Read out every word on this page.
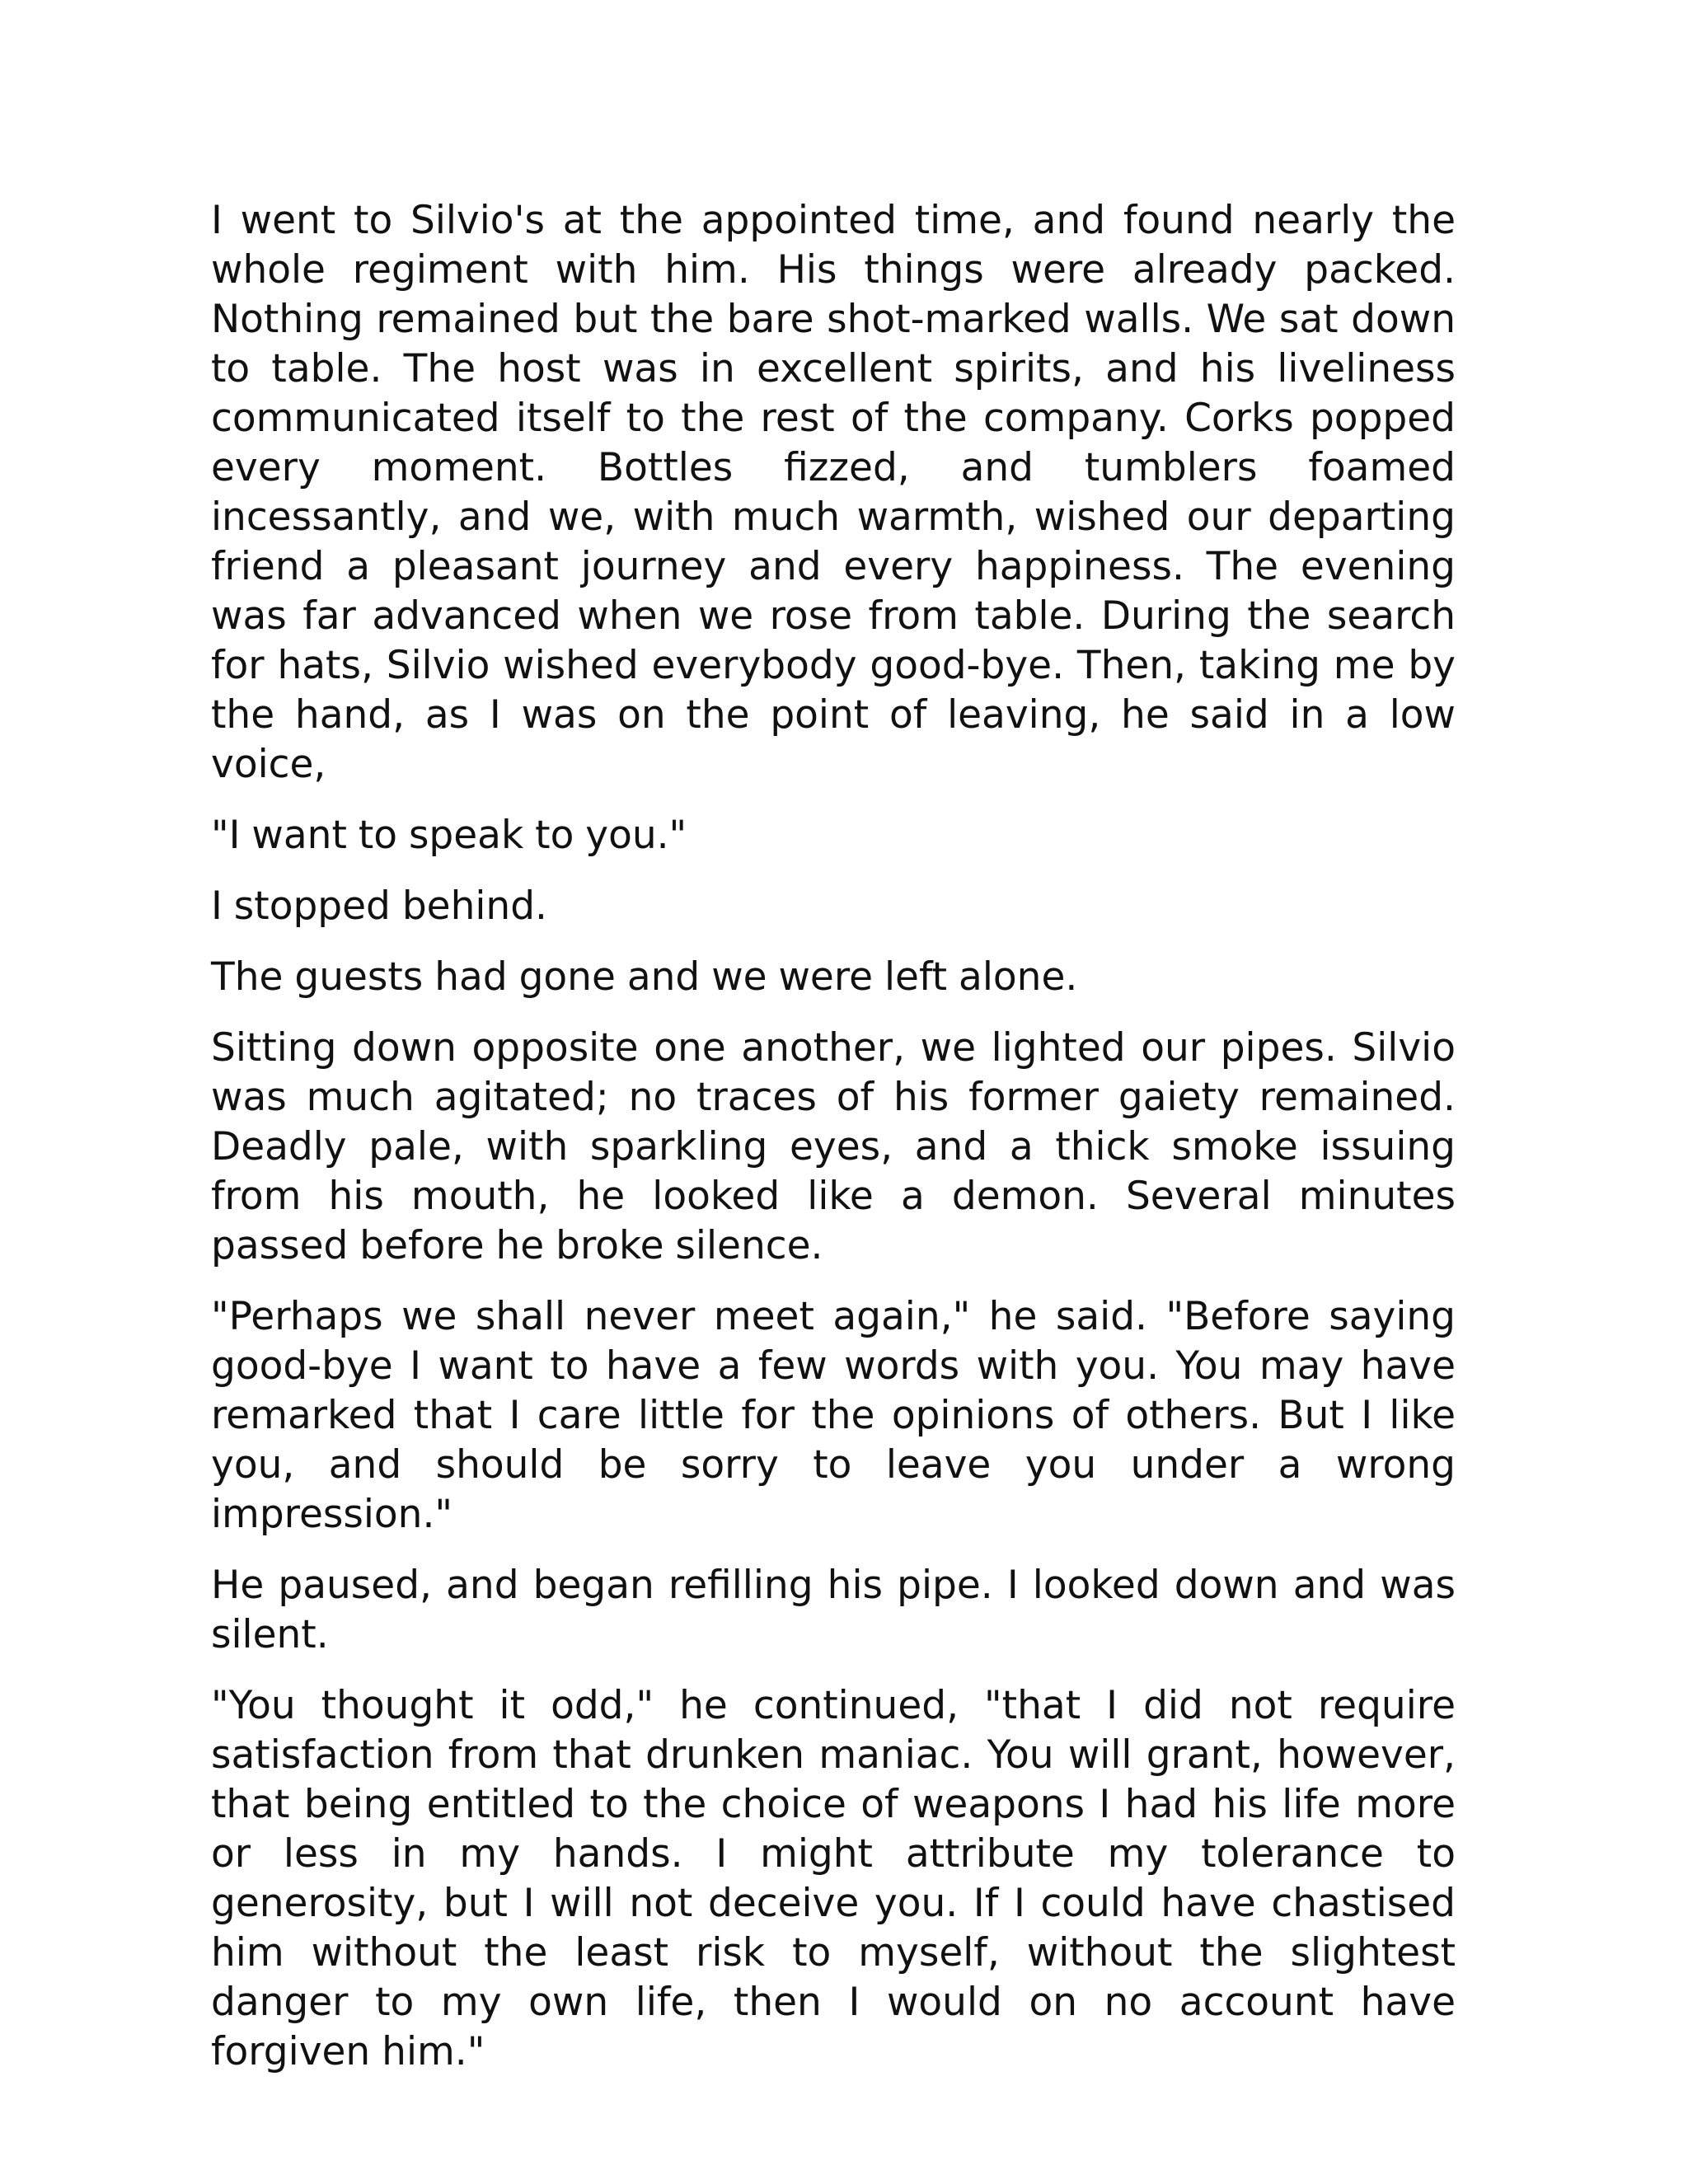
I went to Silvio's at the appointed time, and found nearly the whole regiment with him. His things were already packed. Nothing remained but the bare shot-marked walls. We sat down to table. The host was in excellent spirits, and his liveliness communicated itself to the rest of the company. Corks popped every moment. Bottles fizzed, and tumblers foamed incessantly, and we, with much warmth, wished our departing friend a pleasant journey and every happiness. The evening was far advanced when we rose from table. During the search for hats, Silvio wished everybody good-bye. Then, taking me by the hand, as I was on the point of leaving, he said in a low voice,

"I want to speak to you."

I stopped behind.

The guests had gone and we were left alone.

Sitting down opposite one another, we lighted our pipes. Silvio was much agitated; no traces of his former gaiety remained. Deadly pale, with sparkling eyes, and a thick smoke issuing from his mouth, he looked like a demon. Several minutes passed before he broke silence.

"Perhaps we shall never meet again," he said. "Before saying good-bye I want to have a few words with you. You may have remarked that I care little for the opinions of others. But I like you, and should be sorry to leave you under a wrong impression."

He paused, and began refilling his pipe. I looked down and was silent.

"You thought it odd," he continued, "that I did not require satisfaction from that drunken maniac. You will grant, however, that being entitled to the choice of weapons I had his life more or less in my hands. I might attribute my tolerance to generosity, but I will not deceive you. If I could have chastised him without the least risk to myself, without the slightest danger to my own life, then I would on no account have forgiven him."
